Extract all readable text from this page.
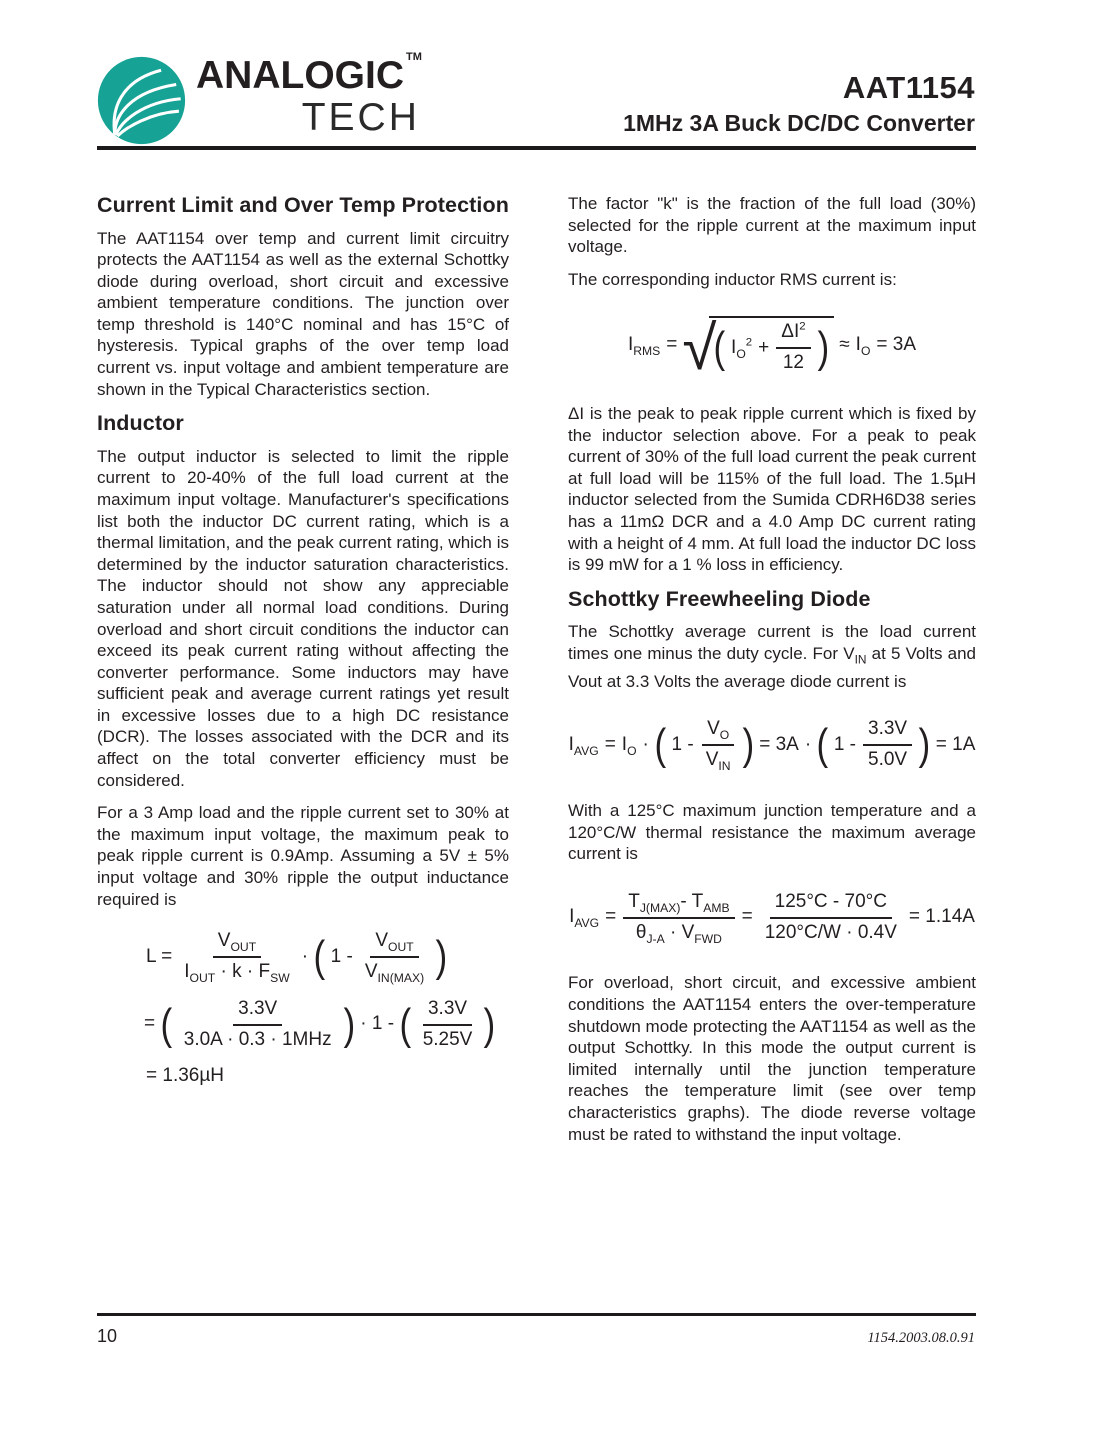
ANALOGIC ™
TECH
AAT1154
1MHz 3A Buck DC/DC Converter
Current Limit and Over Temp Protection

The AAT1154 over temp and current limit circuitry protects the AAT1154 as well as the external Schottky diode during overload, short circuit and excessive ambient temperature conditions. The junction over temp threshold is 140°C nominal and has 15°C of hysteresis. Typical graphs of the over temp load current vs. input voltage and ambient temperature are shown in the Typical Characteristics section.

Inductor

The output inductor is selected to limit the ripple current to 20-40% of the full load current at the maximum input voltage. Manufacturer's specifications list both the inductor DC current rating, which is a thermal limitation, and the peak current rating, which is determined by the inductor saturation characteristics. The inductor should not show any appreciable saturation under all normal load conditions. During overload and short circuit conditions the inductor can exceed its peak current rating without affecting the converter performance. Some inductors may have sufficient peak and average current ratings yet result in excessive losses due to a high DC resistance (DCR). The losses associated with the DCR and its affect on the total converter efficiency must be considered.

For a 3 Amp load and the ripple current set to 30% at the maximum input voltage, the maximum peak to peak ripple current is 0.9Amp. Assuming a 5V ± 5% input voltage and 30% ripple the output inductance required is

$L = \frac{V_{OUT}}{I_{OUT} \cdot k \cdot F_{SW}}$ · ( $1 - \frac{V_{OUT}}{V_{IN(MAX)}}$ )
= ( $\frac{3.3V}{\text{3.0A · 0.3 · 1MHz}}$ ) · 1 - ( $\frac{3.3V}{5.25V}$ )
= 1.36µH

The factor "k" is the fraction of the full load (30%) selected for the ripple current at the maximum input voltage.

The corresponding inductor RMS current is:

$I_{RMS}$ = √
( $I_O^2 + \frac{\Delta I^2}{12}$ ) ≈ $I_O = 3A$

ΔI is the peak to peak ripple current which is fixed by the inductor selection above. For a peak to peak current of 30% of the full load current the peak current at full load will be 115% of the full load. The 1.5µH inductor selected from the Sumida CDRH6D38 series has a 11mΩ DCR and a 4.0 Amp DC current rating with a height of 4 mm. At full load the inductor DC loss is 99 mW for a 1 % loss in efficiency.

Schottky Freewheeling Diode

The Schottky average current is the load current times one minus the duty cycle. For $V_{IN}$ at 5 Volts and Vout at 3.3 Volts the average diode current is

$I_{AVG} = I_O$ · ( $1 - \frac{V_O}{V_{IN}}$ ) = 3A · ( $1 - \frac{3.3V}{5.0V}$ ) = 1A

With a 125°C maximum junction temperature and a 120°C/W thermal resistance the maximum average current is

$I_{AVG} = \frac{T_{J(MAX)}- T_{AMB}}{\theta_{J-A} \cdot V_{FWD}} = \frac{125^\circ C - 70^\circ C}{120^\circ C/W \cdot 0.4V} = 1.14A$

For overload, short circuit, and excessive ambient conditions the AAT1154 enters the over-temperature shutdown mode protecting the AAT1154 as well as the output Schottky. In this mode the output current is limited internally until the junction temperature reaches the temperature limit (see over temp characteristics graphs). The diode reverse voltage must be rated to withstand the input voltage.

10	1154.2003.08.0.91
